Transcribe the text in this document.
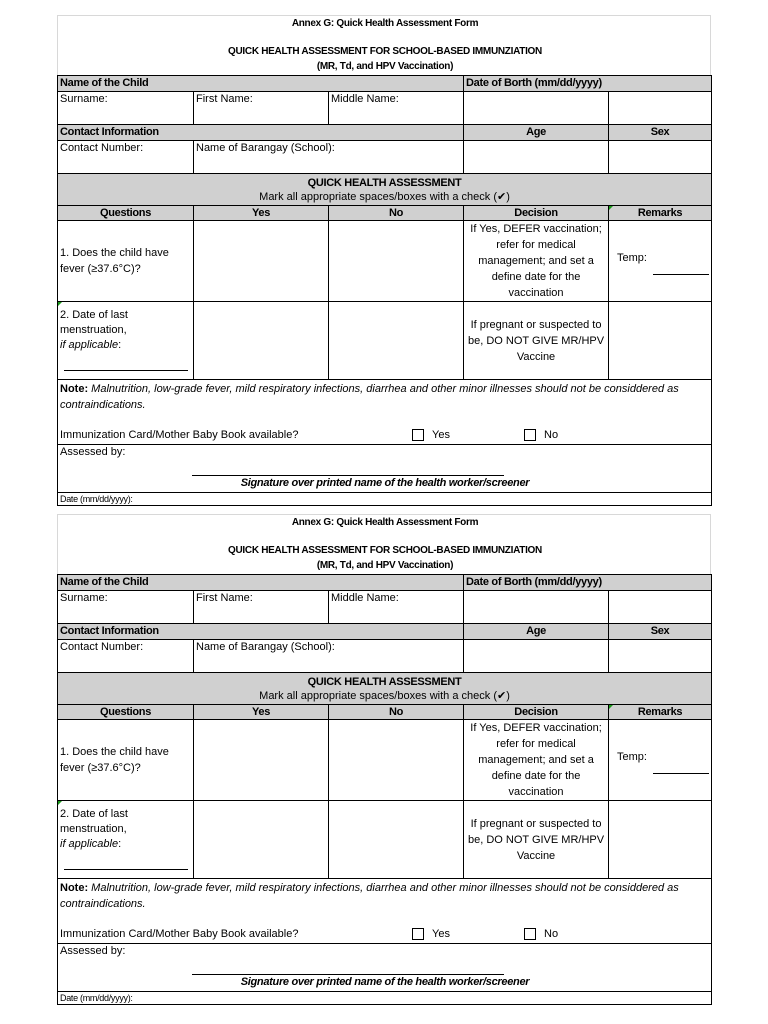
Annex G: Quick Health Assessment Form
QUICK HEALTH ASSESSMENT FOR SCHOOL-BASED IMMUNZIATION
(MR, Td, and HPV Vaccination)
Name of the Child			Date of Borth (mm/dd/yyyy)	
Surname:	First Name:	Middle Name:		
Contact Information			Age	Sex
Contact Number:	Name of Barangay (School):			

QUICK HEALTH ASSESSMENT
Mark all appropriate spaces/boxes with a check (✔)				

Questions	Yes	No	Decision	Remarks
1. Does the child have fever (≥37.6°C)?			If Yes, DEFER vaccination; refer for medical management; and set a define date for the vaccination	Temp:

2. Date of last menstruation,
if applicable:			If pregnant or suspected to be, DO NOT GIVE MR/HPV Vaccine	

Note: Malnutrition, low-grade fever, mild respiratory infections, diarrhea and other minor illnesses should not be considdered as contraindications.
Immunization Card/Mother Baby Book available? Yes No				

Assessed by:
Signature over printed name of the health worker/screener				

Date (mm/dd/yyyy):				
Annex G: Quick Health Assessment Form
QUICK HEALTH ASSESSMENT FOR SCHOOL-BASED IMMUNZIATION
(MR, Td, and HPV Vaccination)
Name of the Child			Date of Borth (mm/dd/yyyy)	
Surname:	First Name:	Middle Name:		
Contact Information			Age	Sex
Contact Number:	Name of Barangay (School):			

QUICK HEALTH ASSESSMENT
Mark all appropriate spaces/boxes with a check (✔)				

Questions	Yes	No	Decision	Remarks
1. Does the child have fever (≥37.6°C)?			If Yes, DEFER vaccination; refer for medical management; and set a define date for the vaccination	Temp:

2. Date of last menstruation,
if applicable:			If pregnant or suspected to be, DO NOT GIVE MR/HPV Vaccine	

Note: Malnutrition, low-grade fever, mild respiratory infections, diarrhea and other minor illnesses should not be considdered as contraindications.
Immunization Card/Mother Baby Book available? Yes No				

Assessed by:
Signature over printed name of the health worker/screener				

Date (mm/dd/yyyy):				
